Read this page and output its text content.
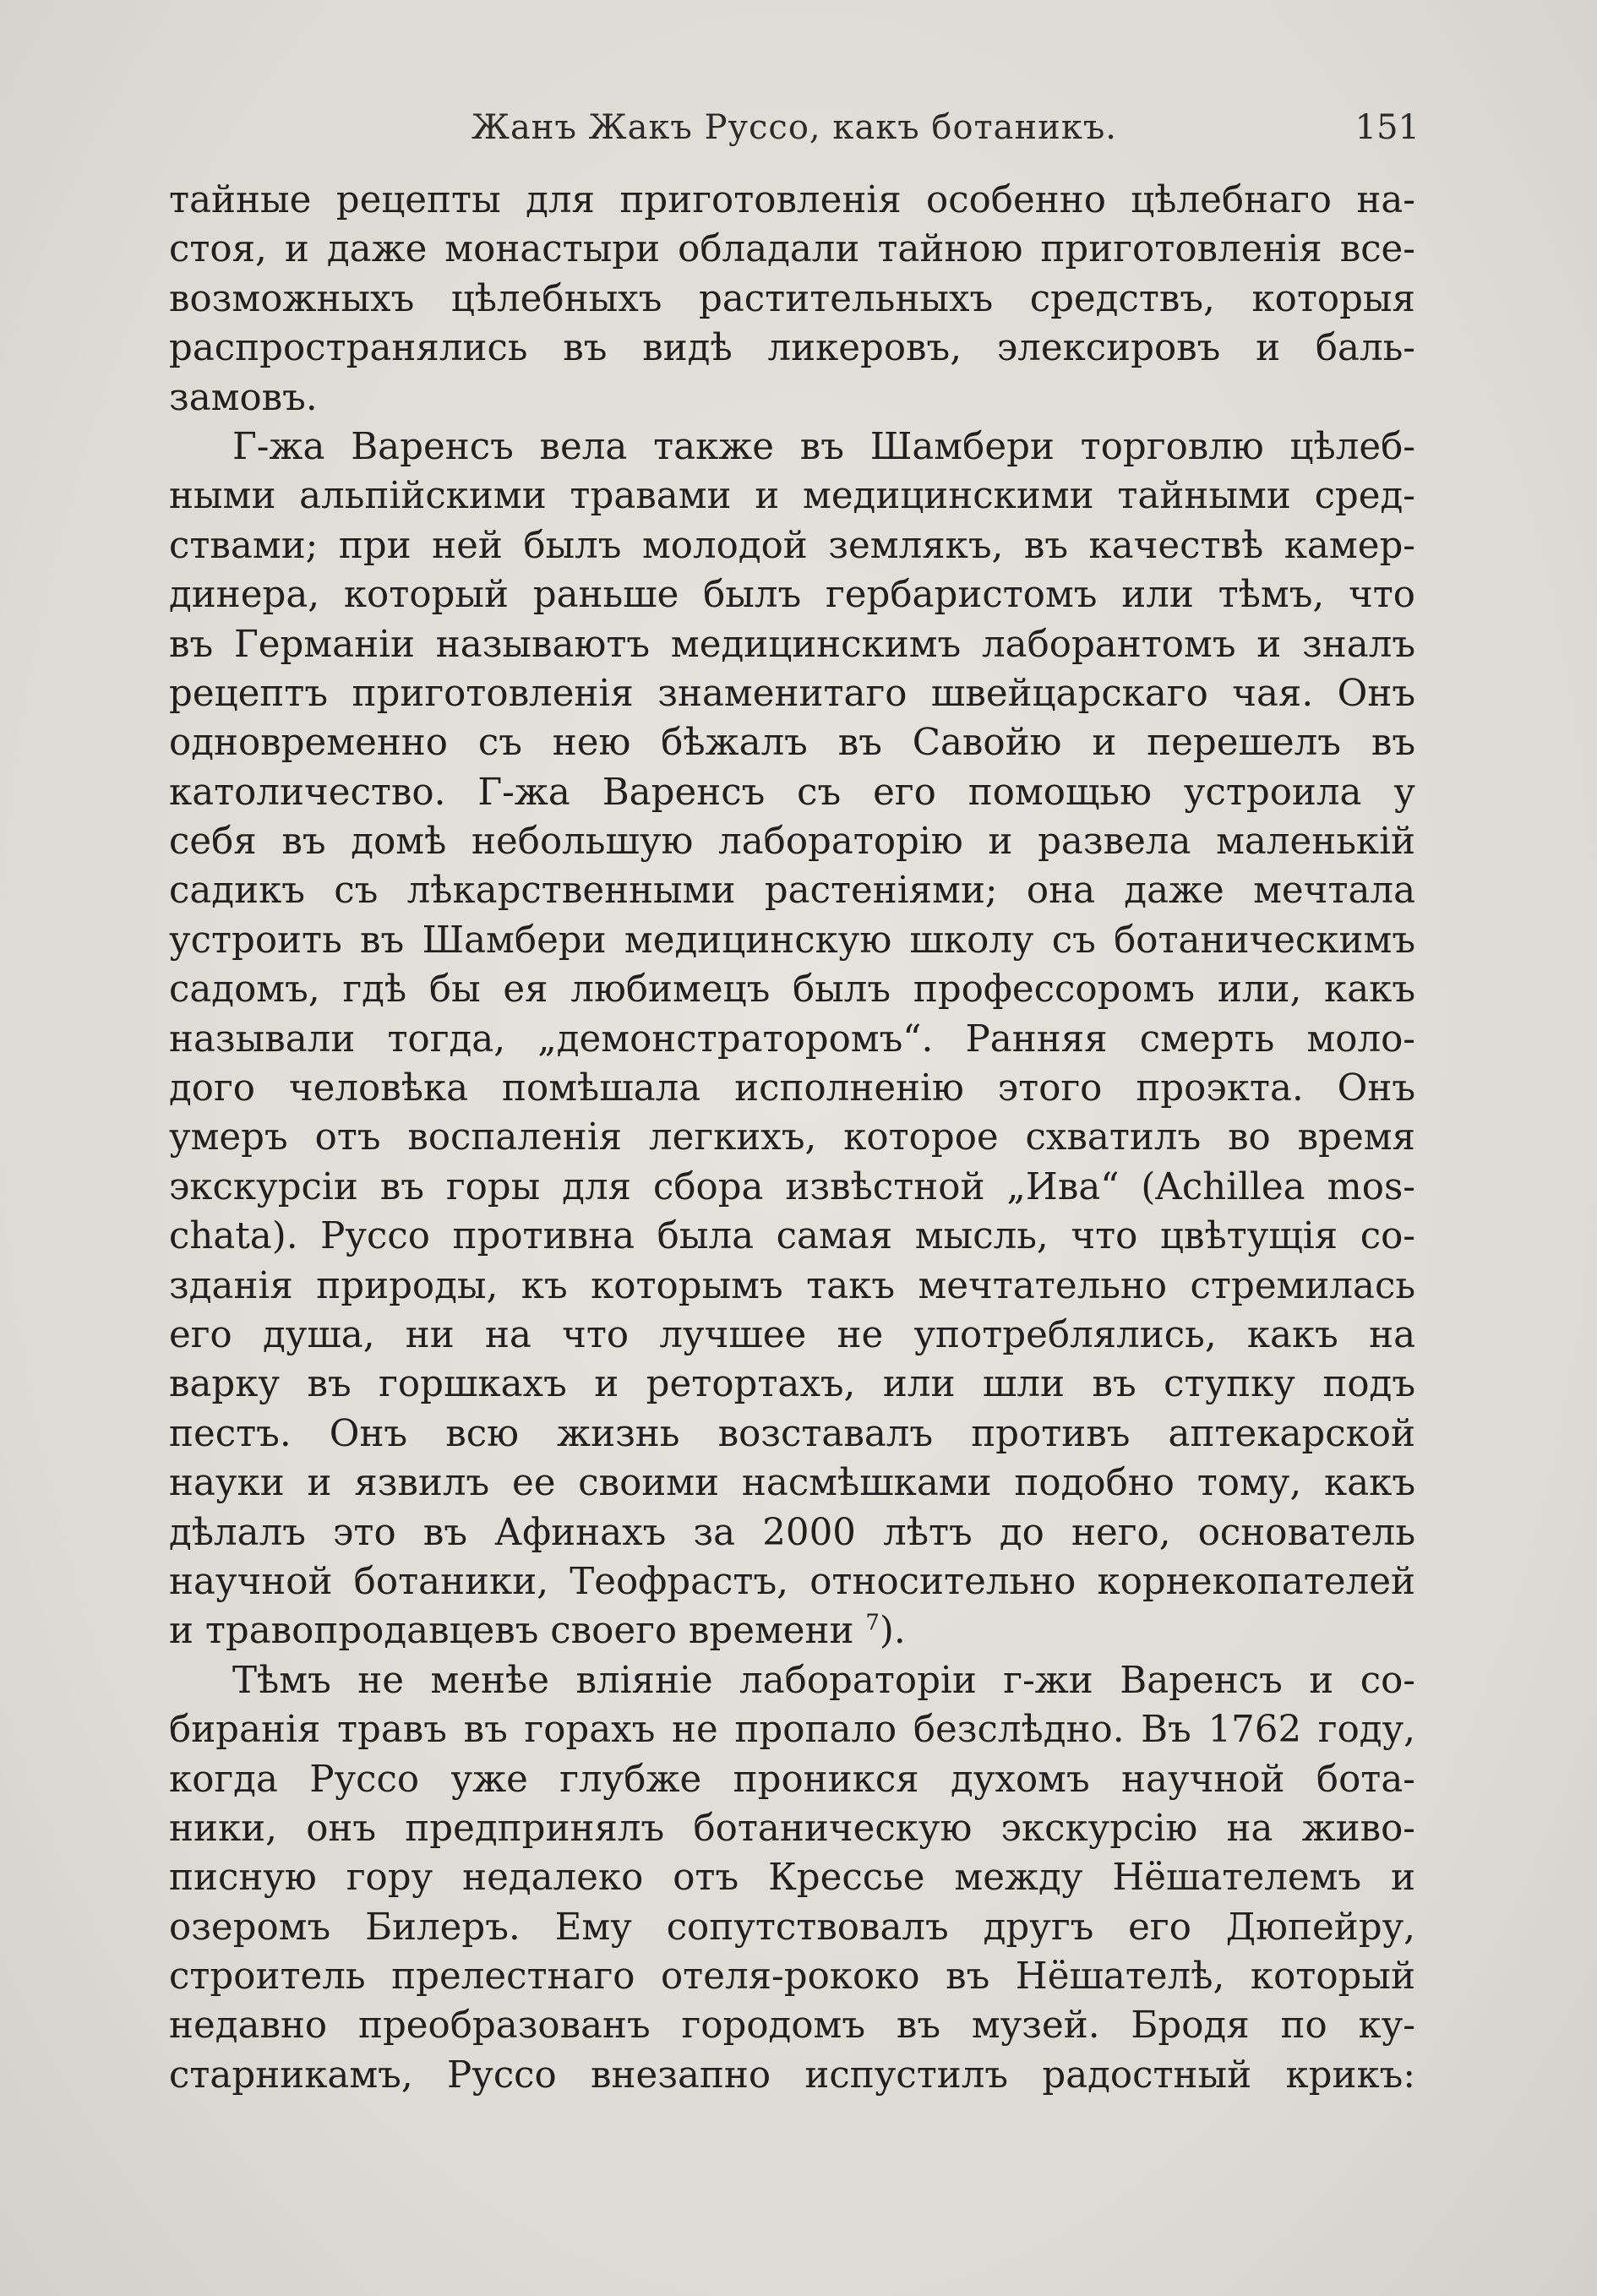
Жанъ Жакъ Руссо, какъ ботаникъ.	151
тайные рецепты для приготовленія особенно цѣлебнаго на-
стоя, и даже монастыри обладали тайною приготовленія все-
возможныхъ цѣлебныхъ растительныхъ средствъ, которыя
распространялись въ видѣ ликеровъ, элексировъ и баль-
замовъ.
Г-жа Варенсъ вела также въ Шамбери торговлю цѣлеб-
ными альпійскими травами и медицинскими тайными сред-
ствами; при ней былъ молодой землякъ, въ качествѣ камер-
динера, который раньше былъ гербаристомъ или тѣмъ, что
въ Германіи называютъ медицинскимъ лаборантомъ и зналъ
рецептъ приготовленія знаменитаго швейцарскаго чая. Онъ
одновременно съ нею бѣжалъ въ Савойю и перешелъ въ
католичество. Г-жа Варенсъ съ его помощью устроила у
себя въ домѣ небольшую лабораторію и развела маленькій
садикъ съ лѣкарственными растеніями; она даже мечтала
устроить въ Шамбери медицинскую школу съ ботаническимъ
садомъ, гдѣ бы ея любимецъ былъ профессоромъ или, какъ
называли тогда, „демонстраторомъ“. Ранняя смерть моло-
дого человѣка помѣшала исполненію этого проэкта. Онъ
умеръ отъ воспаленія легкихъ, которое схватилъ во время
экскурсіи въ горы для сбора извѣстной „Ива“ (Achillea mos-
chata). Руссо противна была самая мысль, что цвѣтущія со-
зданія природы, къ которымъ такъ мечтательно стремилась
его душа, ни на что лучшее не употреблялись, какъ на
варку въ горшкахъ и ретортахъ, или шли въ ступку подъ
пестъ. Онъ всю жизнь возставалъ противъ аптекарской
науки и язвилъ ее своими насмѣшками подобно тому, какъ
дѣлалъ это въ Афинахъ за 2000 лѣтъ до него, основатель
научной ботаники, Теофрастъ, относительно корнекопателей
и травопродавцевъ своего времени $^7$).
Тѣмъ не менѣе вліяніе лабораторіи г-жи Варенсъ и со-
биранія травъ въ горахъ не пропало безслѣдно. Въ 1762 году,
когда Руссо уже глубже проникся духомъ научной бота-
ники, онъ предпринялъ ботаническую экскурсію на живо-
писную гору недалеко отъ Крессье между Нёшателемъ и
озеромъ Билеръ. Ему сопутствовалъ другъ его Дюпейру,
строитель прелестнаго отеля-рококо въ Нёшателѣ, который
недавно преобразованъ городомъ въ музей. Бродя по ку-
старникамъ, Руссо внезапно испустилъ радостный крикъ:
